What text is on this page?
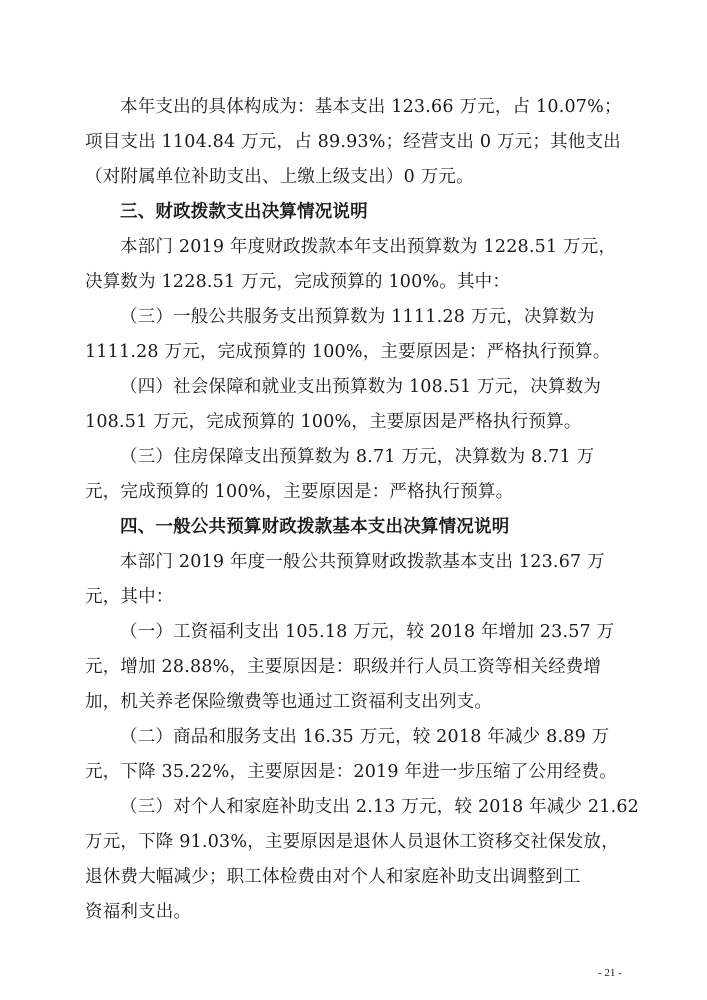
本年支出的具体构成为：基本支出 123.66 万元，占 10.07%；
项目支出 1104.84 万元，占 89.93%；经营支出 0 万元；其他支出
（对附属单位补助支出、上缴上级支出）0 万元。
三、财政拨款支出决算情况说明
本部门 2019 年度财政拨款本年支出预算数为 1228.51 万元，
决算数为 1228.51 万元，完成预算的 100%。其中：
（三）一般公共服务支出预算数为 1111.28 万元，决算数为
1111.28 万元，完成预算的 100%，主要原因是：严格执行预算。
（四）社会保障和就业支出预算数为 108.51 万元，决算数为
108.51 万元，完成预算的 100%，主要原因是严格执行预算。
（三）住房保障支出预算数为 8.71 万元，决算数为 8.71 万
元，完成预算的 100%，主要原因是：严格执行预算。
四、一般公共预算财政拨款基本支出决算情况说明
本部门 2019 年度一般公共预算财政拨款基本支出 123.67 万
元，其中：
（一）工资福利支出 105.18 万元，较 2018 年增加 23.57 万
元，增加 28.88%，主要原因是：职级并行人员工资等相关经费增
加，机关养老保险缴费等也通过工资福利支出列支。
（二）商品和服务支出 16.35 万元，较 2018 年减少 8.89 万
元，下降 35.22%，主要原因是：2019 年进一步压缩了公用经费。
（三）对个人和家庭补助支出 2.13 万元，较 2018 年减少 21.62
万元，下降 91.03%，主要原因是退休人员退休工资移交社保发放，
退休费大幅减少；职工体检费由对个人和家庭补助支出调整到工
资福利支出。
- 21 -
